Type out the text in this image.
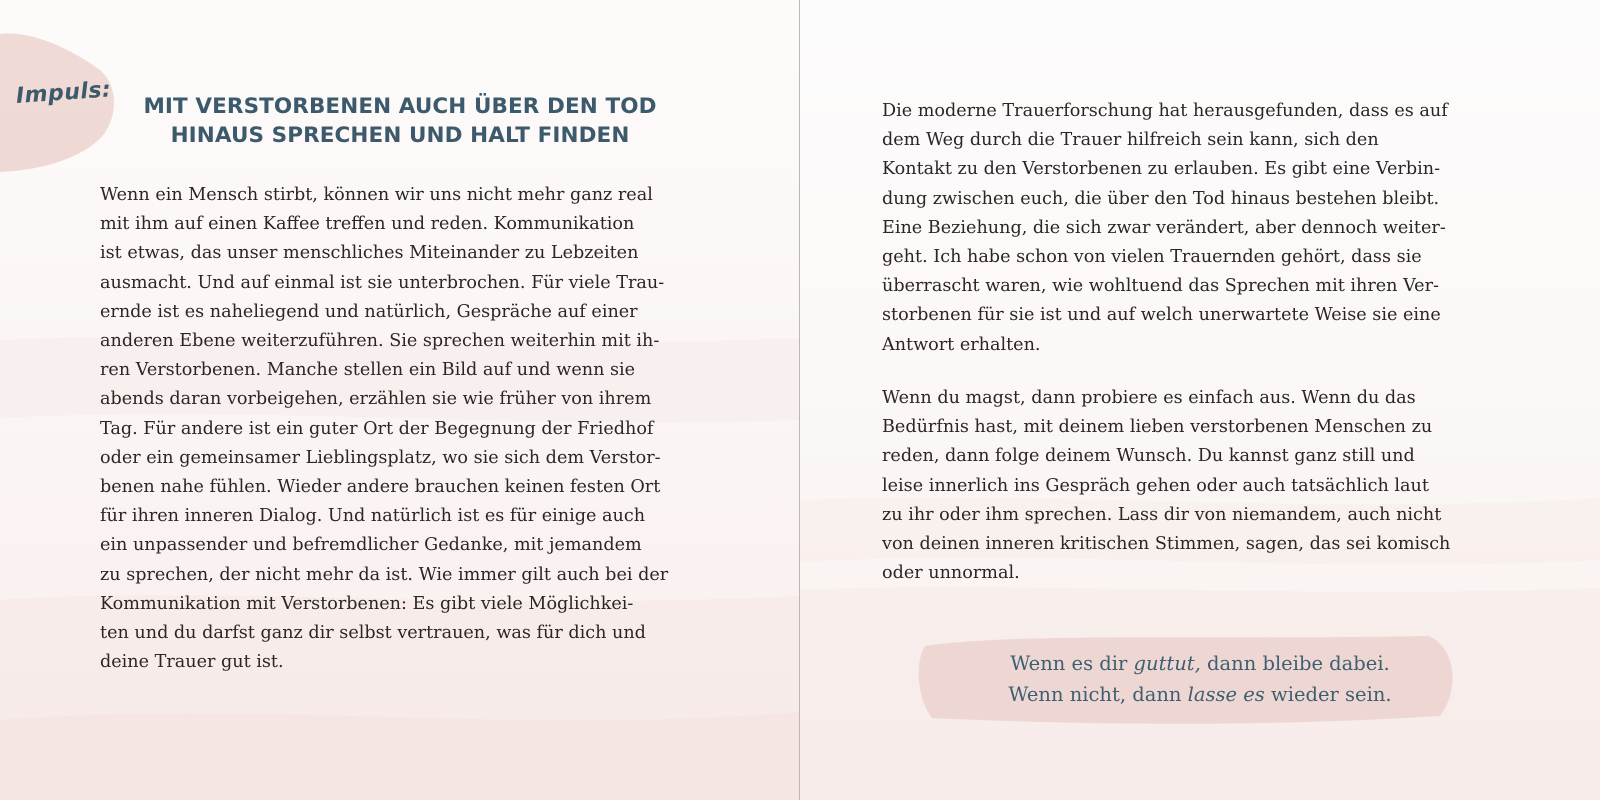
Impuls:	MIT VERSTORBENEN AUCH ÜBER DEN TOD
HINAUS SPRECHEN UND HALT FINDEN
Wenn ein Mensch stirbt, können wir uns nicht mehr ganz real
mit ihm auf einen Kaffee treffen und reden. Kommunikation
ist etwas, das unser menschliches Miteinander zu Lebzeiten
ausmacht. Und auf einmal ist sie unterbrochen. Für viele Trau-
ernde ist es naheliegend und natürlich, Gespräche auf einer
anderen Ebene weiterzuführen. Sie sprechen weiterhin mit ih-
ren Verstorbenen. Manche stellen ein Bild auf und wenn sie
abends daran vorbeigehen, erzählen sie wie früher von ihrem
Tag. Für andere ist ein guter Ort der Begegnung der Friedhof
oder ein gemeinsamer Lieblingsplatz, wo sie sich dem Verstor-
benen nahe fühlen. Wieder andere brauchen keinen festen Ort
für ihren inneren Dialog. Und natürlich ist es für einige auch
ein unpassender und befremdlicher Gedanke, mit jemandem
zu sprechen, der nicht mehr da ist. Wie immer gilt auch bei der
Kommunikation mit Verstorbenen: Es gibt viele Möglichkei-
ten und du darfst ganz dir selbst vertrauen, was für dich und
deine Trauer gut ist.
Die moderne Trauerforschung hat herausgefunden, dass es auf
dem Weg durch die Trauer hilfreich sein kann, sich den
Kontakt zu den Verstorbenen zu erlauben. Es gibt eine Verbin-
dung zwischen euch, die über den Tod hinaus bestehen bleibt.
Eine Beziehung, die sich zwar verändert, aber dennoch weiter-
geht. Ich habe schon von vielen Trauernden gehört, dass sie
überrascht waren, wie wohltuend das Sprechen mit ihren Ver-
storbenen für sie ist und auf welch unerwartete Weise sie eine
Antwort erhalten.
Wenn du magst, dann probiere es einfach aus. Wenn du das
Bedürfnis hast, mit deinem lieben verstorbenen Menschen zu
reden, dann folge deinem Wunsch. Du kannst ganz still und
leise innerlich ins Gespräch gehen oder auch tatsächlich laut
zu ihr oder ihm sprechen. Lass dir von niemandem, auch nicht
von deinen inneren kritischen Stimmen, sagen, das sei komisch
oder unnormal.
Wenn es dir guttut, dann bleibe dabei.
Wenn nicht, dann lasse es wieder sein.
